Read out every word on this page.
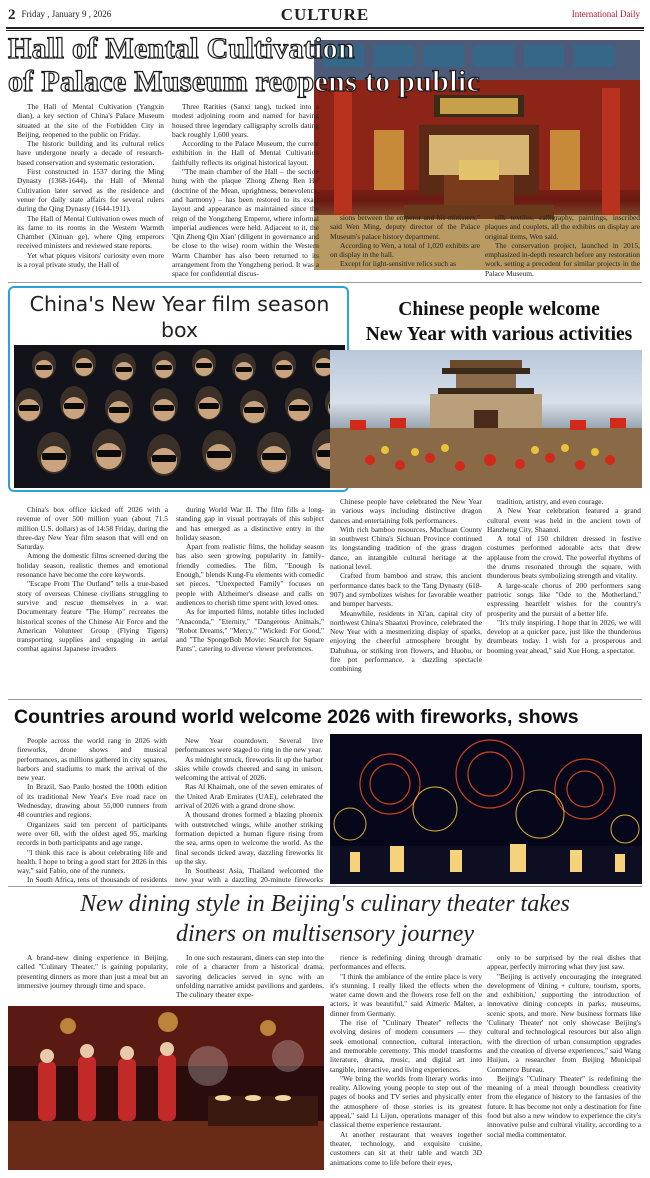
2 Friday , January 9 , 2026	CULTURE	International Daily
Hall of Mental Cultivation
of Palace Museum reopens to public

The Hall of Mental Cultivation (Yangxin dian), a key section of China's Palace Museum situated at the site of the Forbidden City in Beijing, reopened to the public on Friday.

The historic building and its cultural relics have undergone nearly a decade of research-based conservation and systematic restoration.

First constructed in 1537 during the Ming Dynasty (1368-1644), the Hall of Mental Cultivation later served as the residence and venue for daily state affairs for several rulers during the Qing Dynasty (1644-1911).

The Hall of Mental Cultivation owes much of its fame to its rooms in the Western Warmth Chamber (Xinuan ge), where Qing emperors received ministers and reviewed state reports.

Yet what piques visitors' curiosity even more is a royal private study, the Hall of

Three Rarities (Sanxi tang), tucked into a modest adjoining room and named for having housed three legendary calligraphy scrolls dating back roughly 1,600 years.

According to the Palace Museum, the current exhibition in the Hall of Mental Cultivation faithfully reflects its original historical layout.

"The main chamber of the Hall – the section hung with the plaque 'Zhong Zheng Ren He' (doctrine of the Mean, uprightness, benevolence, and harmony) – has been restored to its exact layout and appearance as maintained since the reign of the Yongzheng Emperor, where informal imperial audiences were held. Adjacent to it, the 'Qin Zheng Qin Xian' (diligent in governance and be close to the wise) room within the Western Warm Chamber has also been returned to its arrangement from the Yongzheng period. It was a space for confidential discus-

sions between the emperor and his ministers," said Wen Ming, deputy director of the Palace Museum's palace history department.

According to Wen, a total of 1,020 exhibits are on display in the hall.

Except for light-sensitive relics such as

silk textiles, calligraphy, paintings, inscribed plaques and couplets, all the exhibits on display are original items, Wen said.

The conservation project, launched in 2015, emphasized in-depth research before any restoration work, setting a precedent for similar projects in the Palace Museum.

China's New Year film season box

China's box office kicked off 2026 with a revenue of over 500 million yuan (about 71.5 million U.S. dollars) as of 14:58 Friday, during the three-day New Year film season that will end on Saturday.

Among the domestic films screened during the holiday season, realistic themes and emotional resonance have become the core keywords.

"Escape From The Outland" tells a true-based story of overseas Chinese civilians struggling to survive and rescue themselves in a war. Documentary feature "The Hump" recreates the historical scenes of the Chinese Air Force and the American Volunteer Group (Flying Tigers) transporting supplies and engaging in aerial combat against Japanese invaders

during World War II. The film fills a long-standing gap in visual portrayals of this subject and has emerged as a distinctive entry in the holiday season.

Apart from realistic films, the holiday season has also seen growing popularity in family-friendly comedies. The film, "Enough Is Enough," blends Kung-Fu elements with comedic set pieces. "Unexpected Family" focuses on people with Alzheimer's disease and calls on audiences to cherish time spent with loved ones.

As for imported films, notable titles included "Anaconda," "Eternity," "Dangerous Animals," "Robot Dreams," "Mercy," "Wicked: For Good," and "The SpongeBob Movie: Search for Square Pants", catering to diverse viewer preferences.

Chinese people welcome
New Year with various activities

Chinese people have celebrated the New Year in various ways including distinctive dragon dances and entertaining folk performances.

With rich bamboo resources, Muchuan County in southwest China's Sichuan Province continued its longstanding tradition of the grass dragon dance, an intangible cultural heritage at the national level.

Crafted from bamboo and straw, this ancient performance dates back to the Tang Dynasty (618-907) and symbolizes wishes for favorable weather and bumper harvests.

Meanwhile, residents in Xi'an, capital city of northwest China's Shaanxi Province, celebrated the New Year with a mesmerizing display of sparks, enjoying the cheerful atmosphere brought by Dahuhua, or striking iron flowers, and Huohu, or fire pot performance, a dazzling spectacle combining

tradition, artistry, and even courage.

A New Year celebration featured a grand cultural event was held in the ancient town of Hanzheng City, Shaanxi.

A total of 150 children dressed in festive costumes performed adorable acts that drew applause from the crowd. The powerful rhythms of the drums resonated through the square, with thunderous beats symbolizing strength and vitality.

A large-scale chorus of 200 performers sang patriotic songs like "Ode to the Motherland," expressing heartfelt wishes for the country's prosperity and the pursuit of a better life.

"It's truly inspiring. I hope that in 2026, we will develop at a quicker pace, just like the thunderous drumbeats today. I wish for a prosperous and booming year ahead," said Xue Hong, a spectator.

Countries around world welcome 2026 with fireworks, shows

People across the world rang in 2026 with fireworks, drone shows and musical performances, as millions gathered in city squares, harbors and stadiums to mark the arrival of the new year.

In Brazil, Sao Paulo hosted the 100th edition of its traditional New Year's Eve road race on Wednesday, drawing about 55,000 runners from 48 countries and regions.

Organizers said ten percent of participants were over 60, with the oldest aged 95, marking records in both participants and age range.

"I think this race is about celebrating life and health. I hope to bring a good start for 2026 in this way," said Fabio, one of the runners.

In South Africa, tens of thousands of residents

New Year countdown. Several live performances were staged to ring in the new year.

As midnight struck, fireworks lit up the harbor skies while crowds cheered and sang in unison, welcoming the arrival of 2026.

Ras Al Khaimah, one of the seven emirates of the United Arab Emirates (UAE), celebrated the arrival of 2026 with a grand drone show.

A thousand drones formed a blazing phoenix with outstretched wings, while another striking formation depicted a human figure rising from the sea, arms open to welcome the world. As the final seconds ticked away, dazzling fireworks lit up the sky.

In Southeast Asia, Thailand welcomed the new year with a dazzling 20-minute fireworks

New dining style in Beijing's culinary theater takes
diners on multisensory journey

A brand-new dining experience in Beijing, called "Culinary Theater," is gaining popularity, presenting dinners as more than just a meal but an immersive journey through time and space.

In one such restaurant, diners can step into the role of a character from a historical drama, savoring delicacies served in sync with an unfolding narrative amidst pavilions and gardens. The culinary theater expe-

rience is redefining dining through dramatic performances and effects.

"I think the ambiance of the entire place is very it's stunning. I really liked the effects when the water came down and the flowers rose fell on the actors, it was beautiful," said Aimeric Malter, a dinner from Germany.

The rise of "Culinary Theater" reflects the evolving desires of modern consumers — they seek emotional connection, cultural interaction, and memorable ceremony. This model transforms literature, drama, music, and digital art into tangible, interactive, and living experiences.

"We bring the worlds from literary works into reality. Allowing young people to step out of the pages of books and TV series and physically enter the atmosphere of those stories is its greatest appeal," said Li Lijun, operations manager of this classical theme experience restaurant.

At another restaurant that weaves together theater, technology, and exquisite cuisine, customers can sit at their table and watch 3D animations come to life before their eyes,

only to be surprised by the real dishes that appear, perfectly mirroring what they just saw.

"Beijing is actively encouraging the integrated development of 'dining + culture, tourism, sports, and exhibition,' supporting the introduction of innovative dining concepts in parks, museums, scenic spots, and more. New business formats like 'Culinary Theater' not only showcase Beijing's cultural and technological resources but also align with the direction of urban consumption upgrades and the creation of diverse experiences," said Wang Huijun, a researcher from Beijing Municipal Commerce Bureau.

Beijing's "Culinary Theater" is redefining the meaning of a meal through boundless creativity from the elegance of history to the fantasies of the future. It has become not only a destination for fine food but also a new window to experience the city's innovative pulse and cultural vitality, according to a social media commentator.
